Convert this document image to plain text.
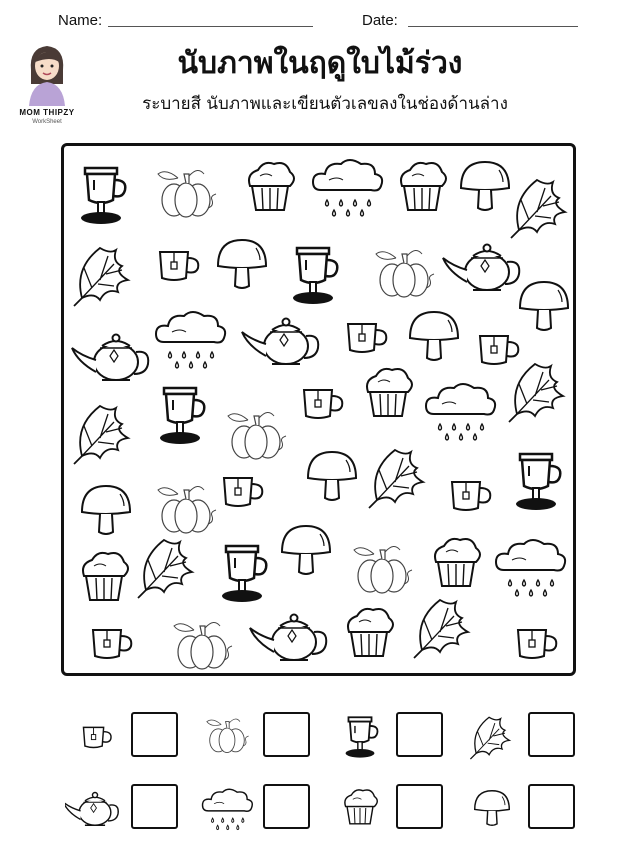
Name:	Date:
MOM THIPZY
WorkSheet
นับภาพในฤดูใบไม้ร่วง
ระบายสี นับภาพและเขียนตัวเลขลงในช่องด้านล่าง
